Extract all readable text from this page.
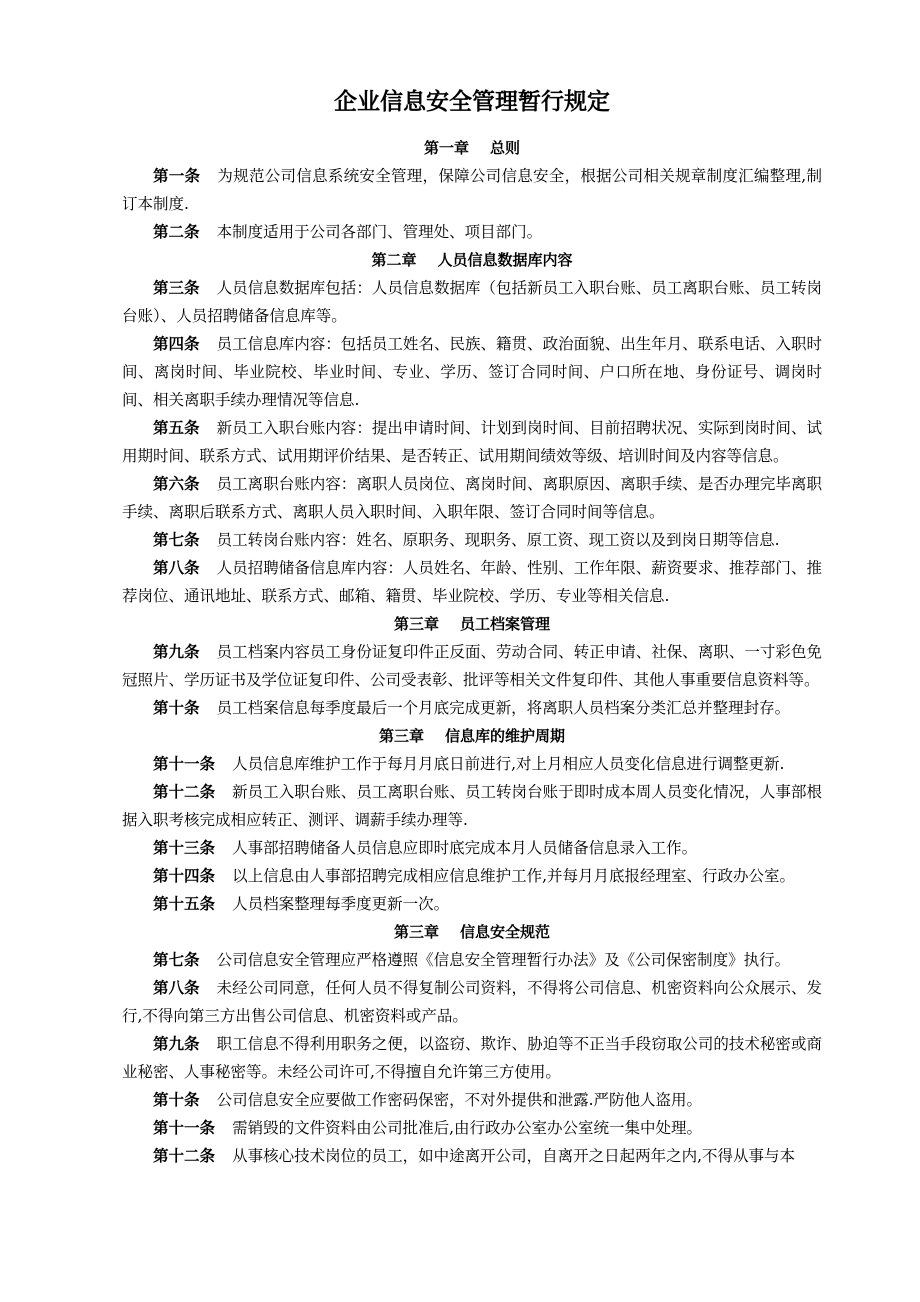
企业信息安全管理暂行规定
第一章 总则

第一条 为规范公司信息系统安全管理，保障公司信息安全，根据公司相关规章制度汇编整理,制订本制度.

第二条 本制度适用于公司各部门、管理处、项目部门。

第二章 人员信息数据库内容

第三条 人员信息数据库包括：人员信息数据库（包括新员工入职台账、员工离职台账、员工转岗台账）、人员招聘储备信息库等。

第四条 员工信息库内容：包括员工姓名、民族、籍贯、政治面貌、出生年月、联系电话、入职时间、离岗时间、毕业院校、毕业时间、专业、学历、签订合同时间、户口所在地、身份证号、调岗时间、相关离职手续办理情况等信息.

第五条 新员工入职台账内容：提出申请时间、计划到岗时间、目前招聘状况、实际到岗时间、试用期时间、联系方式、试用期评价结果、是否转正、试用期间绩效等级、培训时间及内容等信息。

第六条 员工离职台账内容：离职人员岗位、离岗时间、离职原因、离职手续、是否办理完毕离职手续、离职后联系方式、离职人员入职时间、入职年限、签订合同时间等信息。

第七条 员工转岗台账内容：姓名、原职务、现职务、原工资、现工资以及到岗日期等信息.

第八条 人员招聘储备信息库内容：人员姓名、年龄、性别、工作年限、薪资要求、推荐部门、推荐岗位、通讯地址、联系方式、邮箱、籍贯、毕业院校、学历、专业等相关信息.

第三章 员工档案管理

第九条 员工档案内容员工身份证复印件正反面、劳动合同、转正申请、社保、离职、一寸彩色免冠照片、学历证书及学位证复印件、公司受表彰、批评等相关文件复印件、其他人事重要信息资料等。

第十条 员工档案信息每季度最后一个月底完成更新，将离职人员档案分类汇总并整理封存。

第三章 信息库的维护周期

第十一条 人员信息库维护工作于每月月底日前进行,对上月相应人员变化信息进行调整更新.

第十二条 新员工入职台账、员工离职台账、员工转岗台账于即时成本周人员变化情况，人事部根据入职考核完成相应转正、测评、调薪手续办理等.

第十三条 人事部招聘储备人员信息应即时底完成本月人员储备信息录入工作。

第十四条 以上信息由人事部招聘完成相应信息维护工作,并每月月底报经理室、行政办公室。

第十五条 人员档案整理每季度更新一次。

第三章 信息安全规范

第七条 公司信息安全管理应严格遵照《信息安全管理暂行办法》及《公司保密制度》执行。

第八条 未经公司同意，任何人员不得复制公司资料，不得将公司信息、机密资料向公众展示、发行,不得向第三方出售公司信息、机密资料或产品。

第九条 职工信息不得利用职务之便，以盗窃、欺诈、胁迫等不正当手段窃取公司的技术秘密或商业秘密、人事秘密等。未经公司许可,不得擅自允许第三方使用。

第十条 公司信息安全应要做工作密码保密，不对外提供和泄露.严防他人盗用。

第十一条 需销毁的文件资料由公司批准后,由行政办公室办公室统一集中处理。

第十二条 从事核心技术岗位的员工，如中途离开公司，自离开之日起两年之内,不得从事与本
